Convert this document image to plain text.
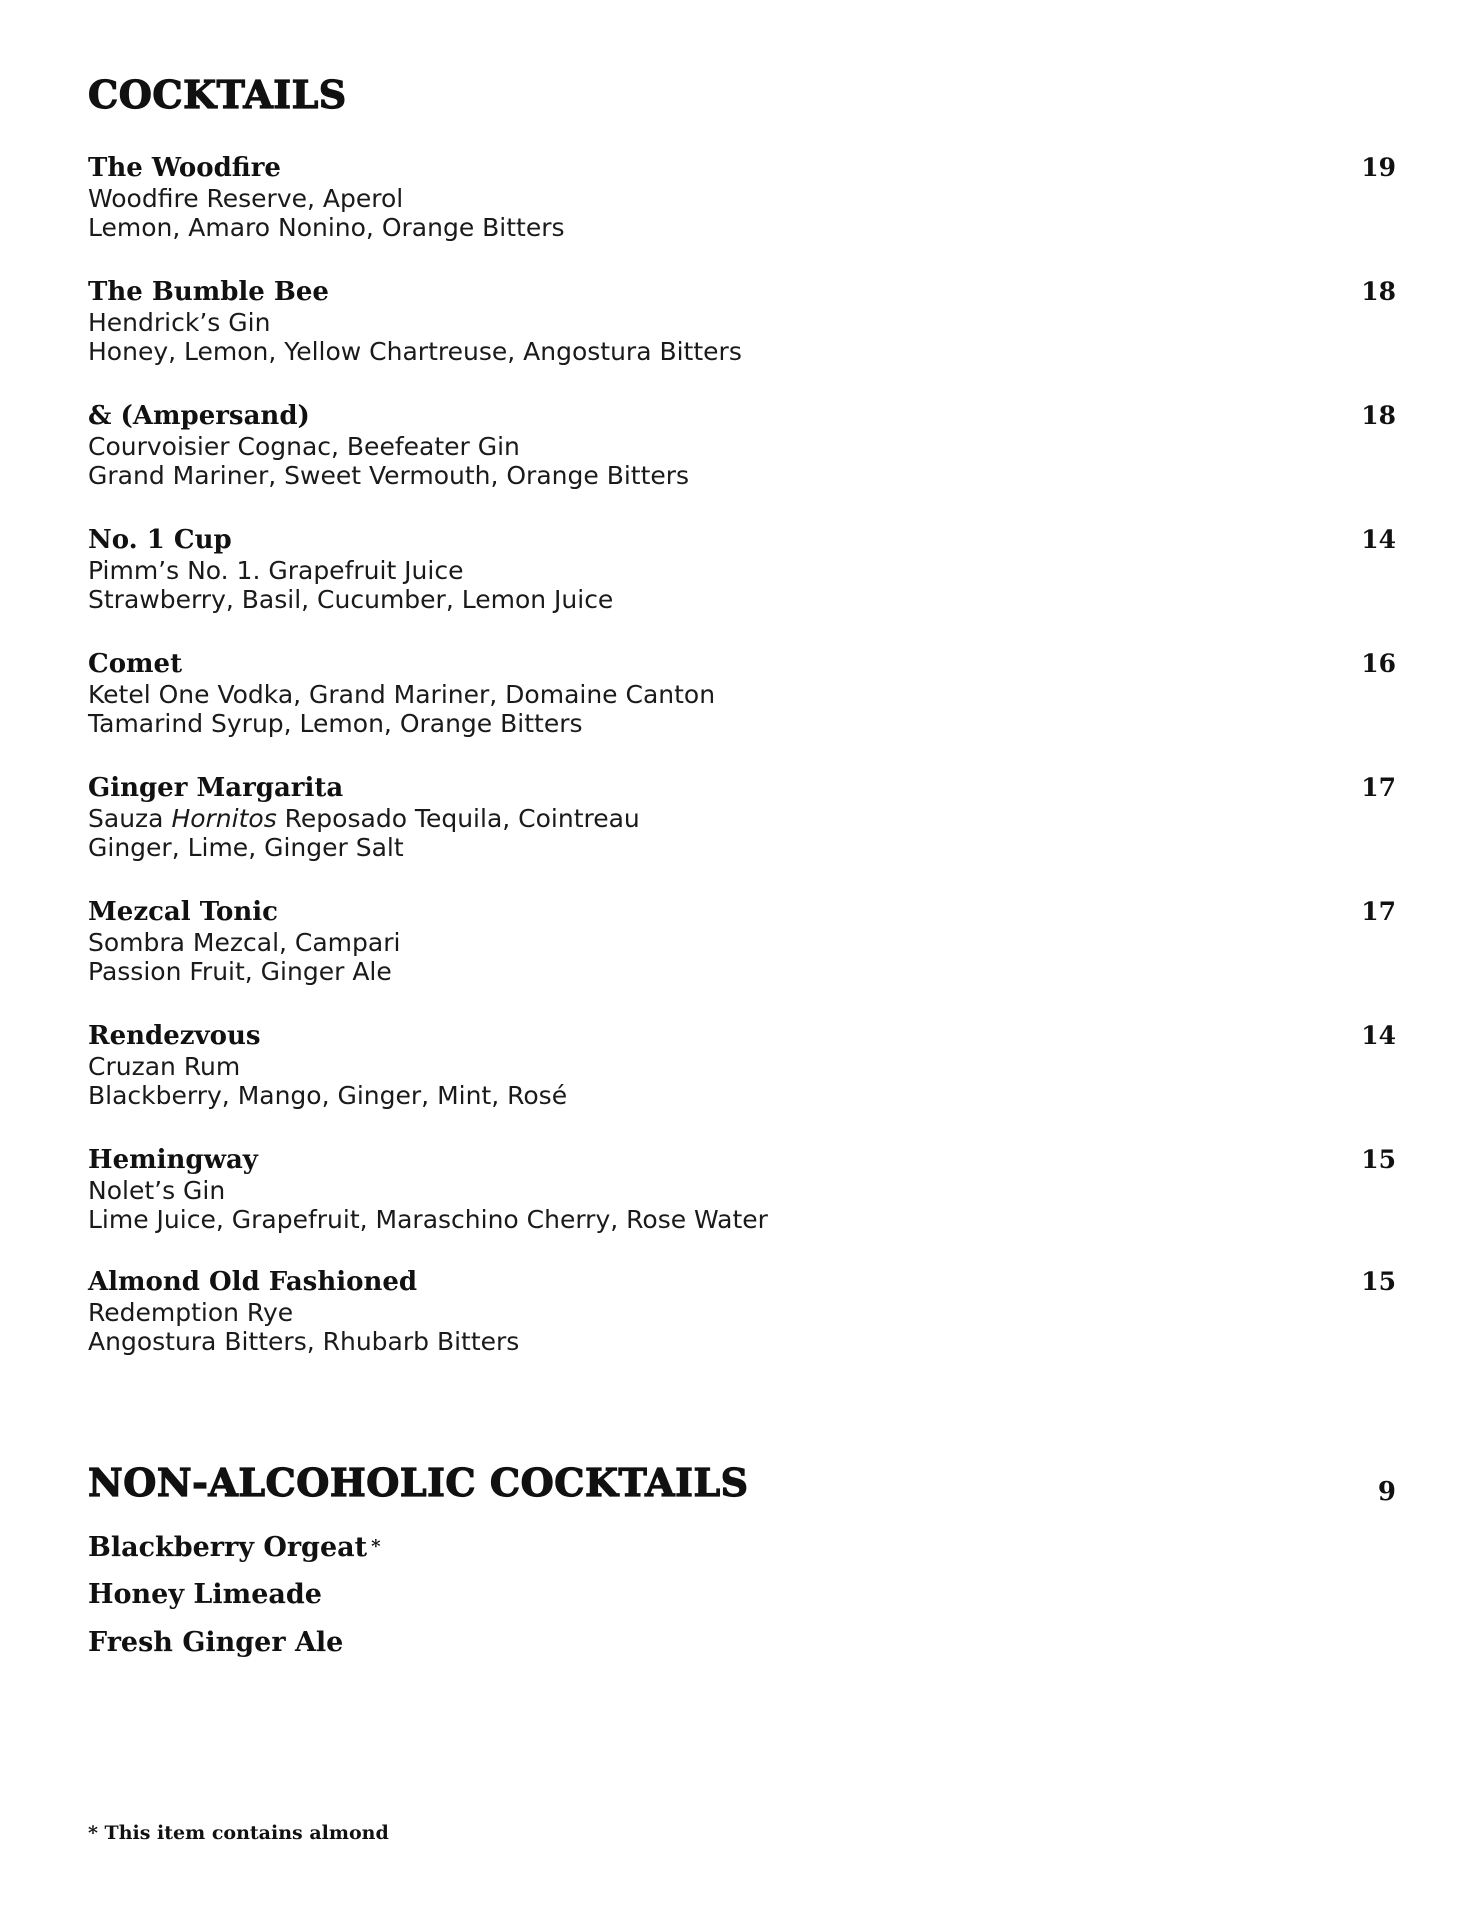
COCKTAILS
The Woodfire	19
Woodfire Reserve, Aperol
Lemon, Amaro Nonino, Orange Bitters
The Bumble Bee	18
Hendrick’s Gin
Honey, Lemon, Yellow Chartreuse, Angostura Bitters
& (Ampersand)	18
Courvoisier Cognac, Beefeater Gin
Grand Mariner, Sweet Vermouth, Orange Bitters
No. 1 Cup	14
Pimm’s No. 1. Grapefruit Juice
Strawberry, Basil, Cucumber, Lemon Juice
Comet	16
Ketel One Vodka, Grand Mariner, Domaine Canton
Tamarind Syrup, Lemon, Orange Bitters
Ginger Margarita	17
Sauza Hornitos Reposado Tequila, Cointreau
Ginger, Lime, Ginger Salt
Mezcal Tonic	17
Sombra Mezcal, Campari
Passion Fruit, Ginger Ale
Rendezvous	14
Cruzan Rum
Blackberry, Mango, Ginger, Mint, Rosé
Hemingway	15
Nolet’s Gin
Lime Juice, Grapefruit, Maraschino Cherry, Rose Water
Almond Old Fashioned	15
Redemption Rye
Angostura Bitters, Rhubarb Bitters
NON-ALCOHOLIC COCKTAILS	9
Blackberry Orgeat *
Honey Limeade
Fresh Ginger Ale
* This item contains almond
